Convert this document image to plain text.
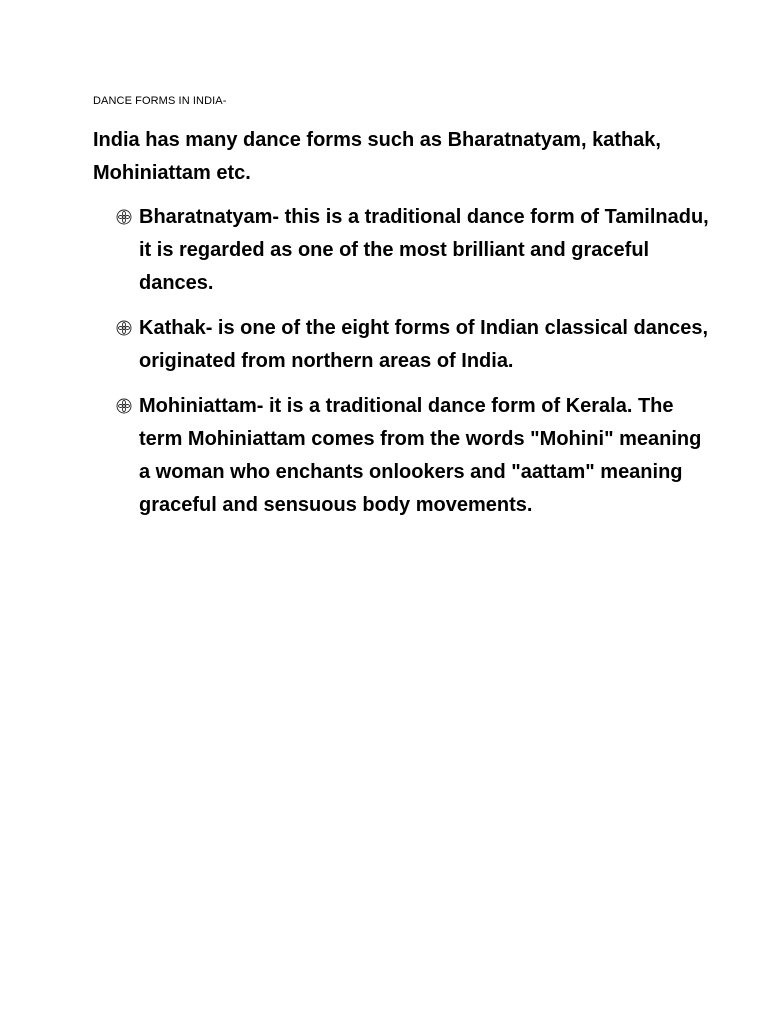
DANCE FORMS IN INDIA-
India has many dance forms such as Bharatnatyam, kathak, Mohiniattam etc.
Bharatnatyam- this is a traditional dance form of Tamilnadu, it is regarded as one of the most brilliant and graceful dances.
Kathak- is one of the eight forms of Indian classical dances, originated from northern areas of India.
Mohiniattam- it is a traditional dance form of Kerala. The term Mohiniattam comes from the words "Mohini" meaning a woman who enchants onlookers and "aattam" meaning graceful and sensuous body movements.
